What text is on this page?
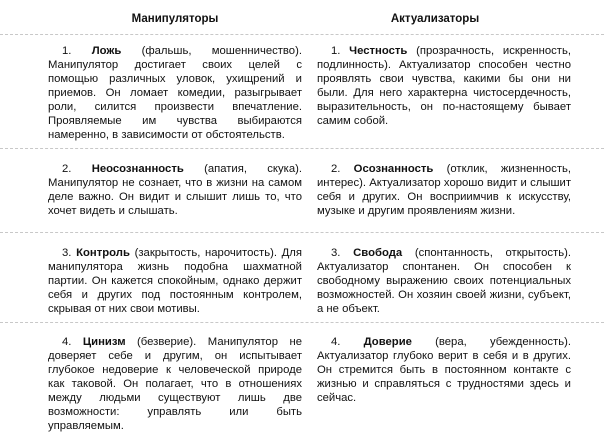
Манипуляторы	Актуализаторы

1. Ложь (фальшь, мошенничество). Манипулятор достигает своих целей с помощью различных уловок, ухищрений и приемов. Он ломает комедии, разыгрывает роли, силится произвести впечатление. Проявляемые им чувства выбираются намеренно, в зависимости от обстоятельств.

1. Честность (прозрачность, искренность, подлинность). Актуализатор способен честно проявлять свои чувства, какими бы они ни были. Для него характерна чистосердечность, выразительность, он по-настоящему бывает самим собой.

2. Неосознанность (апатия, скука). Манипулятор не сознает, что в жизни на самом деле важно. Он видит и слышит лишь то, что хочет видеть и слышать.

2. Осознанность (отклик, жизненность, интерес). Актуализатор хорошо видит и слышит себя и других. Он восприимчив к искусству, музыке и другим проявлениям жизни.

3. Контроль (закрытость, нарочитость). Для манипулятора жизнь подобна шахматной партии. Он кажется спокойным, однако держит себя и других под постоянным контролем, скрывая от них свои мотивы.

3. Свобода (спонтанность, открытость). Актуализатор спонтанен. Он способен к свободному выражению своих потенциальных возможностей. Он хозяин своей жизни, субъект, а не объект.

4. Цинизм (безверие). Манипулятор не доверяет себе и другим, он испытывает глубокое недоверие к человеческой природе как таковой. Он полагает, что в отношениях между людьми существуют лишь две возможности: управлять или быть управляемым.

4. Доверие (вера, убежденность). Актуализатор глубоко верит в себя и в других. Он стремится быть в постоянном контакте с жизнью и справляться с трудностями здесь и сейчас.
